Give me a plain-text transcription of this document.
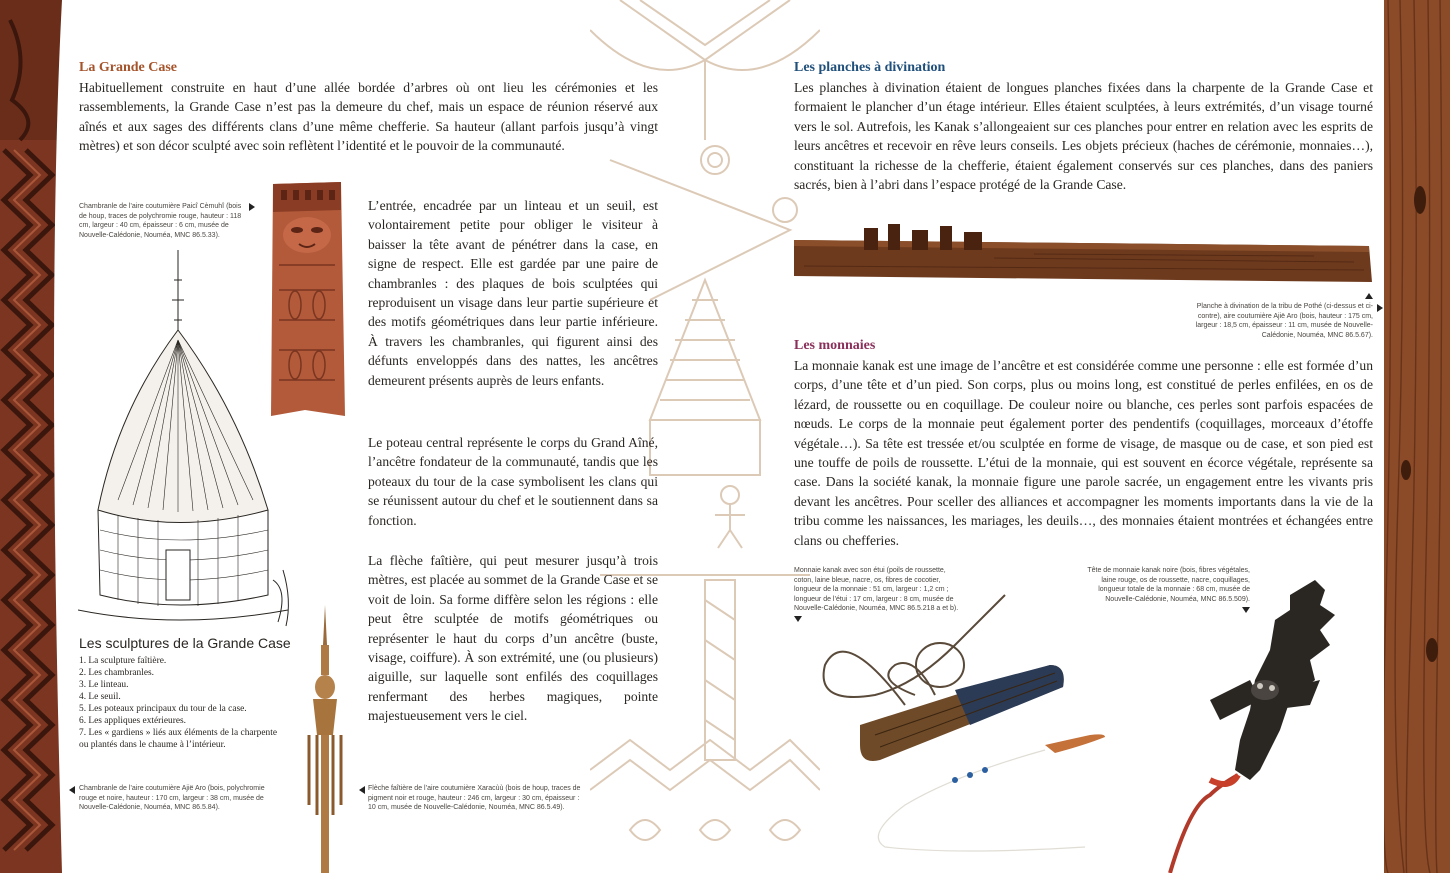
La Grande Case
Habituellement construite en haut d’une allée bordée d’arbres où ont lieu les cérémonies et les rassemblements, la Grande Case n’est pas la demeure du chef, mais un espace de réunion réservé aux aînés et aux sages des différents clans d’une même chefferie. Sa hauteur (allant parfois jusqu’à vingt mètres) et son décor sculpté avec soin reflètent l’identité et le pouvoir de la communauté.
Chambranle de l’aire coutumière Paicî Cèmuhî (bois de houp, traces de polychromie rouge, hauteur : 118 cm, largeur : 40 cm, épaisseur : 6 cm, musée de Nouvelle-Calédonie, Nouméa, MNC 86.5.33).
Les sculptures de la Grande Case
1. La sculpture faîtière.
2. Les chambranles.
3. Le linteau.
4. Le seuil.
5. Les poteaux principaux du tour de la case.
6. Les appliques extérieures.
7. Les « gardiens » liés aux éléments de la charpente ou plantés dans le chaume à l’intérieur.
Chambranle de l’aire coutumière Ajië Aro (bois, polychromie rouge et noire, hauteur : 170 cm, largeur : 38 cm, musée de Nouvelle-Calédonie, Nouméa, MNC 86.5.84).
Flèche faîtière de l’aire coutumière Xaracùù (bois de houp, traces de pigment noir et rouge, hauteur : 246 cm, largeur : 30 cm, épaisseur : 10 cm, musée de Nouvelle-Calédonie, Nouméa, MNC 86.5.49).
L’entrée, encadrée par un linteau et un seuil, est volontairement petite pour obliger le visiteur à baisser la tête avant de pénétrer dans la case, en signe de respect. Elle est gardée par une paire de chambranles : des plaques de bois sculptées qui reproduisent un visage dans leur partie supérieure et des motifs géométriques dans leur partie inférieure. À travers les chambranles, qui figurent ainsi des défunts enveloppés dans des nattes, les ancêtres demeurent présents auprès de leurs enfants.
Le poteau central représente le corps du Grand Aîné, l’ancêtre fondateur de la communauté, tandis que les poteaux du tour de la case symbolisent les clans qui se réunissent autour du chef et le soutiennent dans sa fonction.
La flèche faîtière, qui peut mesurer jusqu’à trois mètres, est placée au sommet de la Grande Case et se voit de loin. Sa forme diffère selon les régions : elle peut être sculptée de motifs géométriques ou représenter le haut du corps d’un ancêtre (buste, visage, coiffure). À son extrémité, une (ou plusieurs) aiguille, sur laquelle sont enfilés des coquillages renfermant des herbes magiques, pointe majestueusement vers le ciel.
Les planches à divination
Les planches à divination étaient de longues planches fixées dans la charpente de la Grande Case et formaient le plancher d’un étage intérieur. Elles étaient sculptées, à leurs extrémités, d’un visage tourné vers le sol. Autrefois, les Kanak s’allongeaient sur ces planches pour entrer en relation avec les esprits de leurs ancêtres et recevoir en rêve leurs conseils. Les objets précieux (haches de cérémonie, monnaies…), constituant la richesse de la chefferie, étaient également conservés sur ces planches, dans des paniers sacrés, bien à l’abri dans l’espace protégé de la Grande Case.
Planche à divination de la tribu de Pothé (ci-dessus et ci-contre), aire coutumière Ajië Aro (bois, hauteur : 175 cm, largeur : 18,5 cm, épaisseur : 11 cm, musée de Nouvelle-Calédonie, Nouméa, MNC 86.5.67).
Les monnaies
La monnaie kanak est une image de l’ancêtre et est considérée comme une personne : elle est formée d’un corps, d’une tête et d’un pied. Son corps, plus ou moins long, est constitué de perles enfilées, en os de lézard, de roussette ou en coquillage. De couleur noire ou blanche, ces perles sont parfois espacées de nœuds. Le corps de la monnaie peut également porter des pendentifs (coquillages, morceaux d’étoffe végétale…). Sa tête est tressée et/ou sculptée en forme de visage, de masque ou de case, et son pied est une touffe de poils de roussette. L’étui de la monnaie, qui est souvent en écorce végétale, représente sa case. Dans la société kanak, la monnaie figure une parole sacrée, un engagement entre les vivants pris devant les ancêtres. Pour sceller des alliances et accompagner les moments importants dans la vie de la tribu comme les naissances, les mariages, les deuils…, des monnaies étaient montrées et échangées entre clans ou chefferies.
Monnaie kanak avec son étui (poils de roussette, coton, laine bleue, nacre, os, fibres de cocotier, longueur de la monnaie : 51 cm, largeur : 1,2 cm ; longueur de l’étui : 17 cm, largeur : 8 cm, musée de Nouvelle-Calédonie, Nouméa, MNC 86.5.218 a et b).
Tête de monnaie kanak noire (bois, fibres végétales, laine rouge, os de roussette, nacre, coquillages, longueur totale de la monnaie : 68 cm, musée de Nouvelle-Calédonie, Nouméa, MNC 86.5.509).
